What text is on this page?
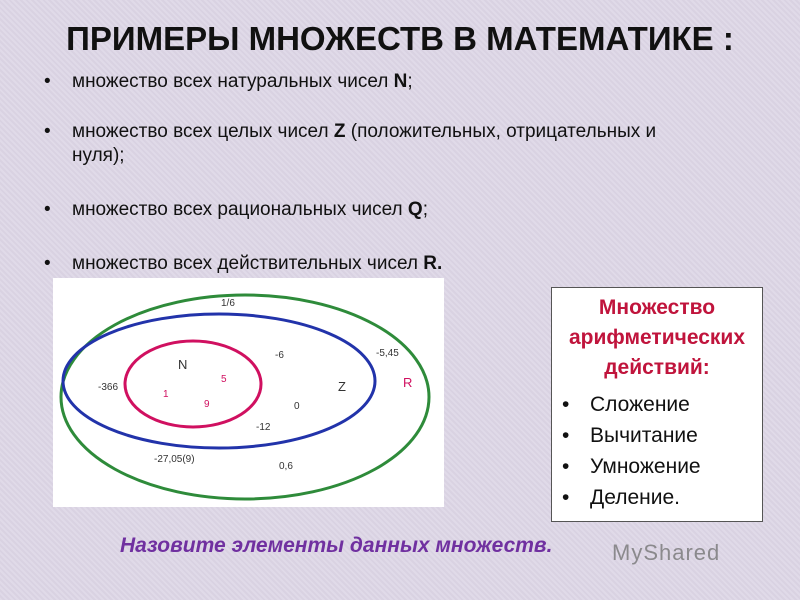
ПРИМЕРЫ МНОЖЕСТВ В МАТЕМАТИКЕ :
•	множество всех натуральных чисел N;
•	множество всех целых чисел Z (положительных, отрицательных и
нуля);
•	множество всех рациональных чисел Q;
•	множество всех действительных чисел R.
N
Z	R
5
1
9
-6
-366
0
-12
1/6
-5,45
-27,05(9)
0,6
Множество
арифметических
действий:
• Сложение
• Вычитание
• Умножение
• Деление.
Назовите элементы данных множеств.	MyShared
